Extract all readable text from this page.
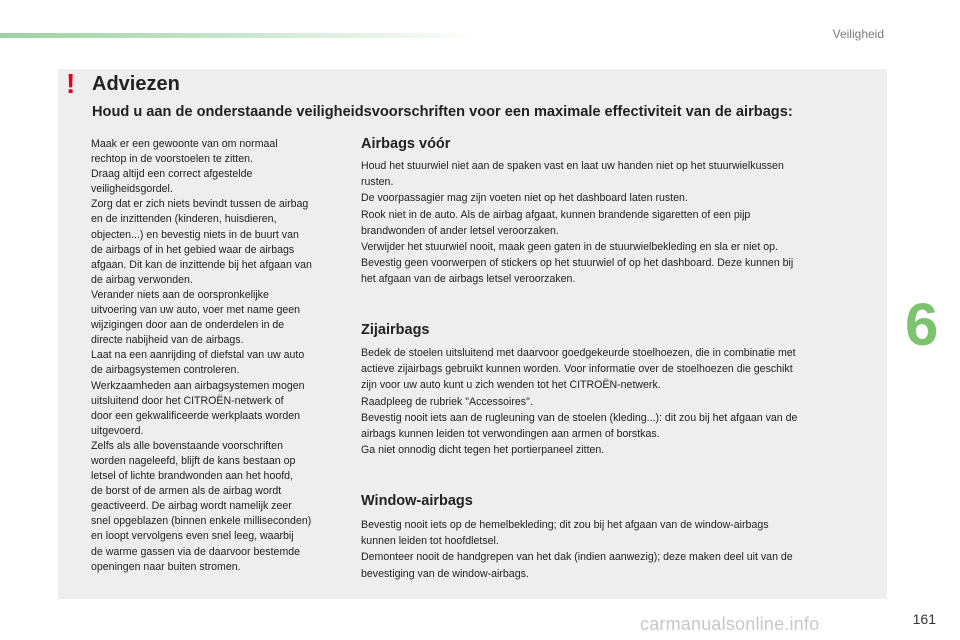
Veiligheid
6
! Adviezen
Houd u aan de onderstaande veiligheidsvoorschriften voor een maximale effectiviteit van de airbags:

Maak er een gewoonte van om normaal

rechtop in de voorstoelen te zitten.

Draag altijd een correct afgestelde

veiligheidsgordel.

Zorg dat er zich niets bevindt tussen de airbag

en de inzittenden (kinderen, huisdieren,

objecten...) en bevestig niets in de buurt van

de airbags of in het gebied waar de airbags

afgaan. Dit kan de inzittende bij het afgaan van

de airbag verwonden.

Verander niets aan de oorspronkelijke

uitvoering van uw auto, voer met name geen

wijzigingen door aan de onderdelen in de

directe nabijheid van de airbags.

Laat na een aanrijding of diefstal van uw auto

de airbagsystemen controleren.

Werkzaamheden aan airbagsystemen mogen

uitsluitend door het CITROËN-netwerk of

door een gekwalificeerde werkplaats worden

uitgevoerd.

Zelfs als alle bovenstaande voorschriften

worden nageleefd, blijft de kans bestaan op

letsel of lichte brandwonden aan het hoofd,

de borst of de armen als de airbag wordt

geactiveerd. De airbag wordt namelijk zeer

snel opgeblazen (binnen enkele milliseconden)

en loopt vervolgens even snel leeg, waarbij

de warme gassen via de daarvoor bestemde

openingen naar buiten stromen.

Airbags vóór

Houd het stuurwiel niet aan de spaken vast en laat uw handen niet op het stuurwielkussen

rusten.

De voorpassagier mag zijn voeten niet op het dashboard laten rusten.

Rook niet in de auto. Als de airbag afgaat, kunnen brandende sigaretten of een pijp

brandwonden of ander letsel veroorzaken.

Verwijder het stuurwiel nooit, maak geen gaten in de stuurwielbekleding en sla er niet op.

Bevestig geen voorwerpen of stickers op het stuurwiel of op het dashboard. Deze kunnen bij

het afgaan van de airbags letsel veroorzaken.

Zijairbags

Bedek de stoelen uitsluitend met daarvoor goedgekeurde stoelhoezen, die in combinatie met

actieve zijairbags gebruikt kunnen worden. Voor informatie over de stoelhoezen die geschikt

zijn voor uw auto kunt u zich wenden tot het CITROËN-netwerk.

Raadpleeg de rubriek "Accessoires".

Bevestig nooit iets aan de rugleuning van de stoelen (kleding...): dit zou bij het afgaan van de

airbags kunnen leiden tot verwondingen aan armen of borstkas.

Ga niet onnodig dicht tegen het portierpaneel zitten.

Window-airbags

Bevestig nooit iets op de hemelbekleding; dit zou bij het afgaan van de window-airbags

kunnen leiden tot hoofdletsel.

Demonteer nooit de handgrepen van het dak (indien aanwezig); deze maken deel uit van de

bevestiging van de window-airbags.

carmanualsonline.info	161
